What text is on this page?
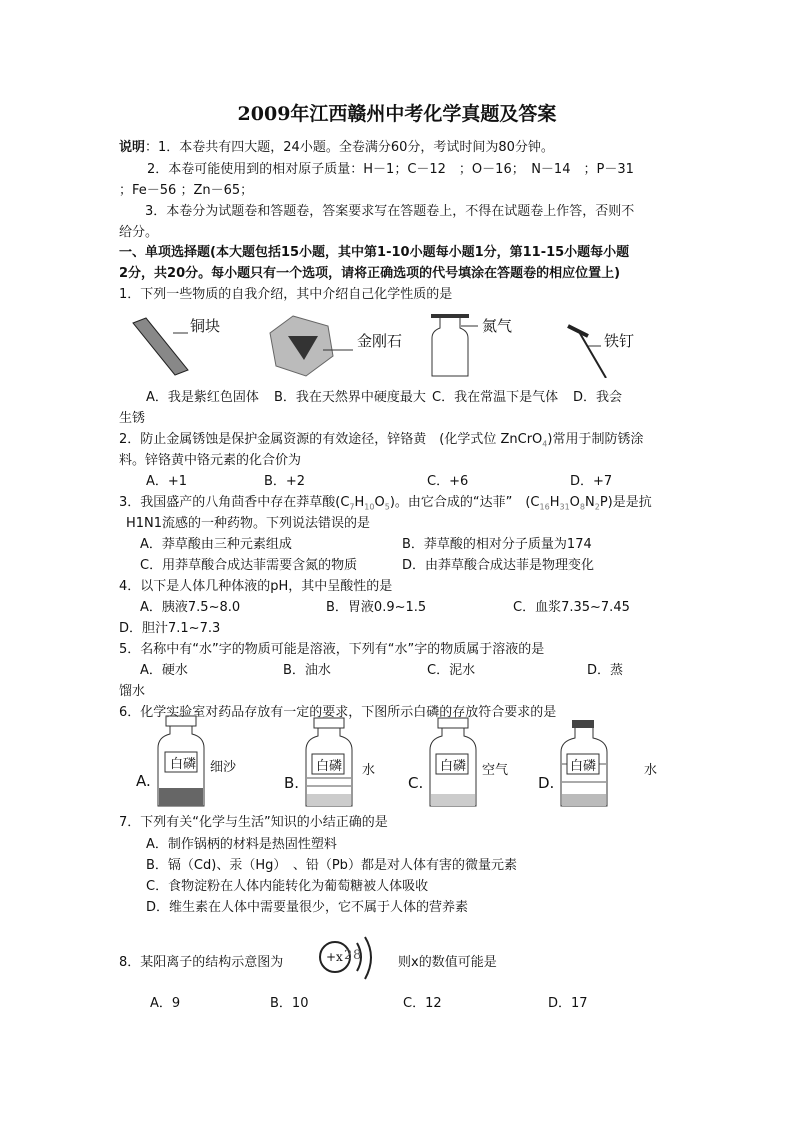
2009年江西赣州中考化学真题及答案
说明：1．本卷共有四大题，24小题。全卷满分60分，考试时间为80分钟。
2．本卷可能使用到的相对原子质量：H－1；C－12　；O－16；　N－14　；P－31
；Fe－56 ；Zn－65；
3．本卷分为试题卷和答题卷，答案要求写在答题卷上，不得在试题卷上作答，否则不
给分。
一、单项选择题(本大题包括15小题，其中第1-10小题每小题1分，第11-15小题每小题
2分，共20分。每小题只有一个选项，请将正确选项的代号填涂在答题卷的相应位置上)
1．下列一些物质的自我介绍，其中介绍自己化学性质的是
铜块
金刚石
氮气
铁钉
A．我是紫红色固体 B．我在天然界中硬度最大 C．我在常温下是气体 D．我会
生锈
2．防止金属锈蚀是保护金属资源的有效途径，锌铬黄　(化学式位 ZnCrO$_4$)常用于制防锈涂
料。锌铬黄中铬元素的化合价为
A．+1	B．+2	C．+6	D．+7
3．我国盛产的八角茴香中存在莽草酸$(C_7H_{10}O_5)$。由它合成的“达菲”　$(C_{16}H_{31}O_8N_2P)$是是抗
H1N1流感的一种药物。下列说法错误的是
A．莽草酸由三种元素组成	B．莽草酸的相对分子质量为174
C．用莽草酸合成达菲需要含氮的物质	D．由莽草酸合成达菲是物理变化
4．以下是人体几种体液的pH，其中呈酸性的是
A．胰液7.5~8.0	B．胃液0.9~1.5	C．血浆7.35~7.45
D．胆汁7.1~7.3
5．名称中有“水”字的物质可能是溶液，下列有“水”字的物质属于溶液的是
A．硬水	B．油水	C．泥水	D．蒸
馏水
6．化学实验室对药品存放有一定的要求，下图所示白磷的存放符合要求的是
A.
白磷 细沙
B.
白磷 水
C.
白磷 空气
D.
白磷	水
7．下列有关“化学与生活”知识的小结正确的是
A．制作锅柄的材料是热固性塑料
B．镉（Cd)、汞（Hg）　、铅（Pb）都是对人体有害的微量元素
C．食物淀粉在人体内能转化为葡萄糖被人体吸收
D．维生素在人体中需要量很少，它不属于人体的营养素
8．某阳离子的结构示意图为	+x 2 8	则x的数值可能是
A．9	B．10	C．12	D．17
